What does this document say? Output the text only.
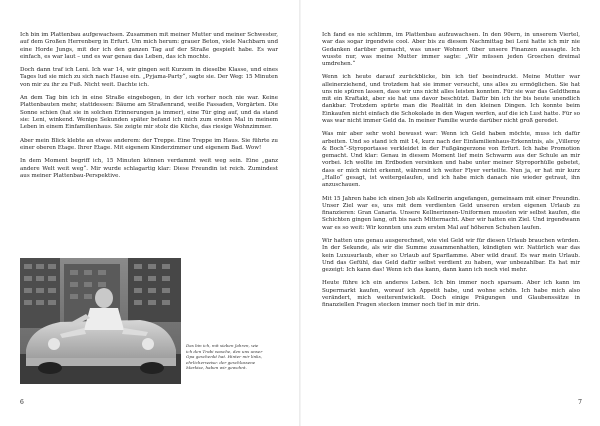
Ich bin im Plattenbau aufgewachsen. Zusammen mit meiner Mutter und meiner Schwester, auf dem Großen Herrenberg in Erfurt. Um mich herum: grauer Beton, viele Nachbarn und eine Horde Jungs, mit der ich den ganzen Tag auf der Straße gespielt habe. Es war einfach, es war laut – und es war genau das Leben, das ich mochte.

Doch dann traf ich Leni. Ich war 14, wir gingen seit Kurzem in dieselbe Klasse, und eines Tages lud sie mich zu sich nach Hause ein. „Pyjama-Party“, sagte sie. Der Weg: 15 Minuten von mir zu ihr zu Fuß. Nicht weit. Dachte ich.

An dem Tag bin ich in eine Straße eingebogen, in der ich vorher noch nie war. Keine Plattenbauten mehr, stattdessen: Bäume am Straßenrand, weiße Fassaden, Vorgärten. Die Sonne schien (hat sie in solchen Erinnerungen ja immer), eine Tür ging auf, und da stand sie: Leni, winkend. Wenige Sekunden später befand ich mich zum ersten Mal in meinem Leben in einem Einfamilienhaus. Sie zeigte mir stolz die Küche, das riesige Wohnzimmer.

Aber mein Blick klebte an etwas anderem: der Treppe. Eine Treppe im Haus. Sie führte zu einer oberen Etage. Ihrer Etage. Mit eigenem Kinderzimmer und eigenem Bad. Wow!

In dem Moment begriff ich, 15 Minuten können verdammt weit weg sein. Eine „ganz andere Welt weit weg“. Mir wurde schlagartig klar: Diese Freundin ist reich. Zumindest aus meiner Plattenbau-Perspektive.

Das bin ich, mit sieben Jahren, wie ich den Trabi wasche, den uns unser Opa geschenkt hat. Hinter mir links, ehrlicherweise: der geschlossene Markise, haben wir gewohnt.
6

Ich fand es nie schlimm, im Plattenbau aufzuwachsen. In den 90ern, in unserem Viertel, war das sogar irgendwie cool. Aber bis zu diesem Nachmittag bei Leni hatte ich mir nie Gedanken darüber gemacht, was unser Wohnort über unsere Finanzen aussagte. Ich wusste nur, was meine Mutter immer sagte: „Wir müssen jeden Groschen dreimal umdrehen.“

Wenn ich heute darauf zurückblicke, bin ich tief beeindruckt. Meine Mutter war alleinerziehend, und trotzdem hat sie immer versucht, uns alles zu ermöglichen. Sie hat uns nie spüren lassen, dass wir uns nicht alles leisten konnten. Für sie war das Geldthema mit ein Kraftakt, aber sie hat uns davor beschützt. Dafür bin ich ihr bis heute unendlich dankbar. Trotzdem spürte man die Realität in den kleinen Dingen. Ich konnte beim Einkaufen nicht einfach die Schokolade in den Wagen werfen, auf die ich Lust hatte. Für so was war nicht immer Geld da. In meiner Familie wurde darüber nicht groß geredet.

Was mir aber sehr wohl bewusst war: Wenn ich Geld haben möchte, muss ich dafür arbeiten. Und so stand ich mit 14, kurz nach der Einfamilienhaus-Erkenntnis, als „Villeroy & Boch“-Styroportasse verkleidet in der Fußgängerzone von Erfurt. Ich habe Promotion gemacht. Und klar: Genau in diesem Moment lief mein Schwarm aus der Schule an mir vorbei. Ich wollte im Erdboden versinken und habe unter meiner Styroporhülle gebetet, dass er mich nicht erkennt, während ich weiter Flyer verteilte. Nun ja, er hat mir kurz „Hallo“ gesagt, ist weitergelaufen, und ich habe mich danach nie wieder getraut, ihn anzuschauen.

Mit 15 Jahren habe ich einen Job als Kellnerin angefangen, gemeinsam mit einer Freundin. Unser Ziel war es, uns mit dem verdienten Geld unseren ersten eigenen Urlaub zu finanzieren: Gran Canaria. Unsere Kellnerinnen-Uniformen mussten wir selbst kaufen, die Schichten gingen lang, oft bis nach Mitternacht. Aber wir hatten ein Ziel. Und irgendwann war es so weit: Wir konnten uns zum ersten Mal auf höheren Schuhen laufen.

Wir hatten uns genau ausgerechnet, wie viel Geld wir für diesen Urlaub brauchen würden. In der Sekunde, als wir die Summe zusammenhatten, kündigten wir. Natürlich war das kein Luxusurlaub, eher so Urlaub auf Sparflamme. Aber wild drauf. Es war mein Urlaub. Und das Gefühl, das Geld dafür selbst verdient zu haben, war unbezahlbar. Es hat mir gezeigt: Ich kann das! Wenn ich das kann, dann kann ich noch viel mehr.

Heute führe ich ein anderes Leben. Ich bin immer noch sparsam. Aber ich kann im Supermarkt kaufen, worauf ich Appetit habe, und wohne schön. Ich habe mich also verändert, mich weiterentwickelt. Doch einige Prägungen und Glaubenssätze in finanziellen Fragen stecken immer noch tief in mir drin.

7
